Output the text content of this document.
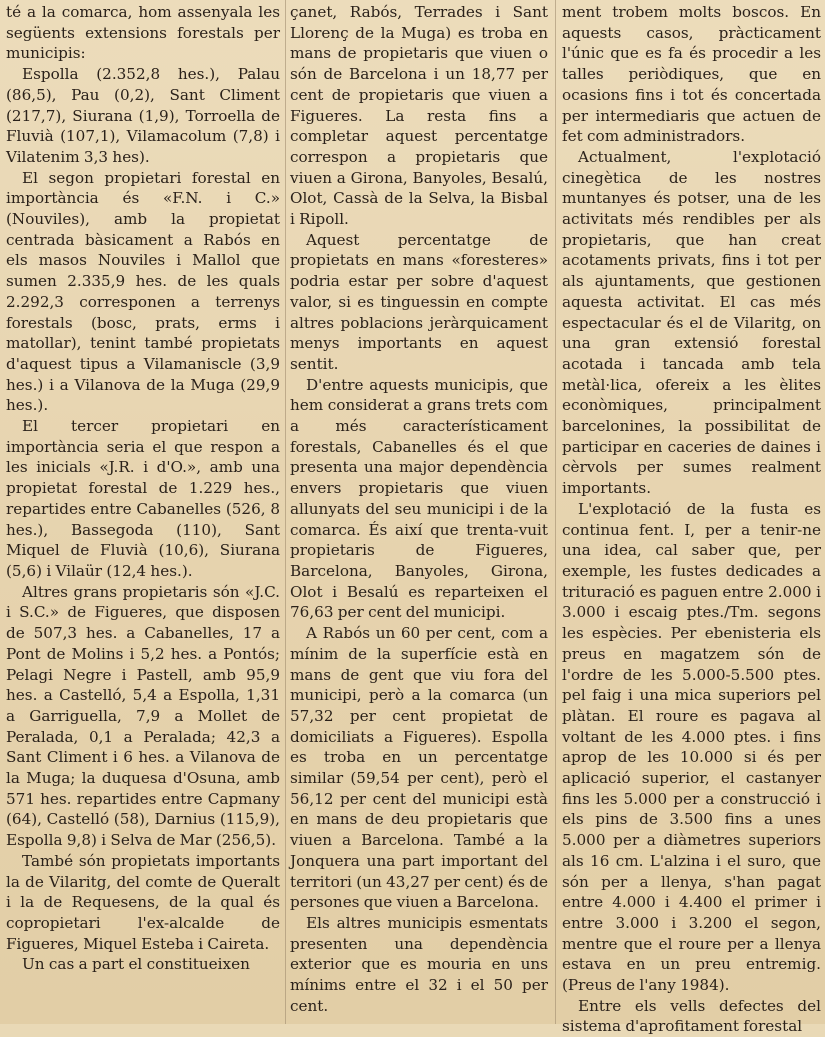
té a la comarca, hom assenyala les següents extensions forestals per municipis:

Espolla (2.352,8 hes.), Palau (86,5), Pau (0,2), Sant Climent (217,7), Siurana (1,9), Torroella de Fluvià (107,1), Vilamacolum (7,8) i Vilatenim 3,3 hes).

El segon propietari forestal en importància és «F.N. i C.» (Nouviles), amb la propietat centrada bàsicament a Rabós en els masos Nouviles i Mallol que sumen 2.335,9 hes. de les quals 2.292,3 corresponen a terrenys forestals (bosc, prats, erms i matollar), tenint també propietats d'aquest tipus a Vilamaniscle (3,9 hes.) i a Vilanova de la Muga (29,9 hes.).

El tercer propietari en importància seria el que respon a les inicials «J.R. i d'O.», amb una propietat forestal de 1.229 hes., repartides entre Cabanelles (526, 8 hes.), Bassegoda (110), Sant Miquel de Fluvià (10,6), Siurana (5,6) i Vilaür (12,4 hes.).

Altres grans propietaris són «J.C. i S.C.» de Figueres, que disposen de 507,3 hes. a Cabanelles, 17 a Pont de Molins i 5,2 hes. a Pontós; Pelagi Negre i Pastell, amb 95,9 hes. a Castelló, 5,4 a Espolla, 1,31 a Garriguella, 7,9 a Mollet de Peralada, 0,1 a Peralada; 42,3 a Sant Climent i 6 hes. a Vilanova de la Muga; la duquesa d'Osuna, amb 571 hes. repartides entre Capmany (64), Castelló (58), Darnius (115,9), Espolla 9,8) i Selva de Mar (256,5).

També són propietats importants la de Vilaritg, del comte de Queralt i la de Requesens, de la qual és copropietari l'ex-alcalde de Figueres, Miquel Esteba i Caireta.

Un cas a part el constitueixen

çanet, Rabós, Terrades i Sant Llorenç de la Muga) es troba en mans de propietaris que viuen o són de Barcelona i un 18,77 per cent de propietaris que viuen a Figueres. La resta fins a completar aquest percentatge correspon a propietaris que viuen a Girona, Banyoles, Besalú, Olot, Cassà de la Selva, la Bisbal i Ripoll.

Aquest percentatge de propietats en mans «foresteres» podria estar per sobre d'aquest valor, si es tinguessin en compte altres poblacions jeràrquicament menys importants en aquest sentit.

D'entre aquests municipis, que hem considerat a grans trets com a més característicament forestals, Cabanelles és el que presenta una major dependència envers propietaris que viuen allunyats del seu municipi i de la comarca. És així que trenta-vuit propietaris de Figueres, Barcelona, Banyoles, Girona, Olot i Besalú es reparteixen el 76,63 per cent del municipi.

A Rabós un 60 per cent, com a mínim de la superfície està en mans de gent que viu fora del municipi, però a la comarca (un 57,32 per cent propietat de domiciliats a Figueres). Espolla es troba en un percentatge similar (59,54 per cent), però el 56,12 per cent del municipi està en mans de deu propietaris que viuen a Barcelona. També a la Jonquera una part important del territori (un 43,27 per cent) és de persones que viuen a Barcelona.

Els altres municipis esmentats presenten una dependència exterior que es mouria en uns mínims entre el 32 i el 50 per cent.

ment trobem molts boscos. En aquests casos, pràcticament l'únic que es fa és procedir a les talles periòdiques, que en ocasions fins i tot és concertada per intermediaris que actuen de fet com administradors.

Actualment, l'explotació cinegètica de les nostres muntanyes és potser, una de les activitats més rendibles per als propietaris, que han creat acotaments privats, fins i tot per als ajuntaments, que gestionen aquesta activitat. El cas més espectacular és el de Vilaritg, on una gran extensió forestal acotada i tancada amb tela metàl·lica, ofereix a les èlites econòmiques, principalment barcelonines, la possibilitat de participar en caceries de daines i cèrvols per sumes realment importants.

L'explotació de la fusta es continua fent. I, per a tenir-ne una idea, cal saber que, per exemple, les fustes dedicades a trituració es paguen entre 2.000 i 3.000 i escaig ptes./Tm. segons les espècies. Per ebenisteria els preus en magatzem són de l'ordre de les 5.000-5.500 ptes. pel faig i una mica superiors pel plàtan. El roure es pagava al voltant de les 4.000 ptes. i fins aprop de les 10.000 si és per aplicació superior, el castanyer fins les 5.000 per a construcció i els pins de 3.500 fins a unes 5.000 per a diàmetres superiors als 16 cm. L'alzina i el suro, que són per a llenya, s'han pagat entre 4.000 i 4.400 el primer i entre 3.000 i 3.200 el segon, mentre que el roure per a llenya estava en un preu entremig. (Preus de l'any 1984).

Entre els vells defectes del sistema d'aprofitament forestal
